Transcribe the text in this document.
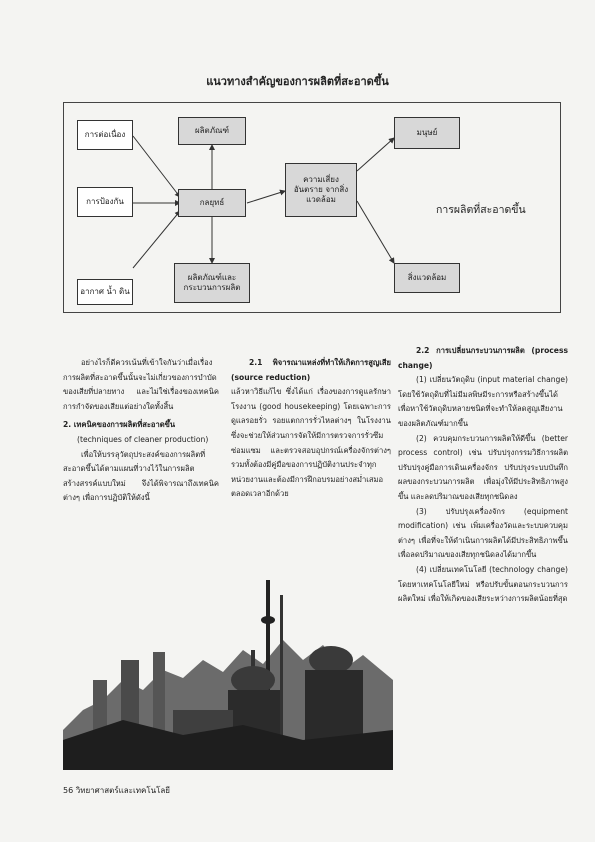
แนวทางสำคัญของการผลิตที่สะอาดขึ้น
การต่อเนื่อง
การป้องกัน
อากาศ น้ำ ดิน
ผลิตภัณฑ์
กลยุทธ์
ผลิตภัณฑ์และ กระบวนการผลิต
ความเสี่ยง อันตราย จากสิ่งแวดล้อม
มนุษย์
สิ่งแวดล้อม
การผลิตที่สะอาดขึ้น

อย่างไรก็ดีควรเน้นที่เข้าใจกันว่าเมื่อเรื่องการผลิตที่สะอาดขึ้นนั้นจะไม่เกี่ยวของการบำบัดของเสียที่ปลายทาง และไม่ใช่เรื่องของเทคนิคการกำจัดของเสียแต่อย่างใดทั้งสิ้น

2. เทคนิคของการผลิตที่สะอาดขึ้น

(techniques of cleaner production)

เพื่อให้บรรลุวัตถุประสงค์ของการผลิตที่สะอาดขึ้นได้ตามแผนที่วางไว้ในการผลิตสร้างสรรค์แบบใหม่ จึงได้พิจารณาถึงเทคนิคต่างๆ เพื่อการปฏิบัติให้ดังนี้

2.1 พิจารณาแหล่งที่ทำให้เกิดการสูญเสีย (source reduction)

แล้วหาวิธีแก้ไข ซึ่งได้แก่ เรื่องของการดูแลรักษาโรงงาน (good housekeeping) โดยเฉพาะการดูแลรอยรั่ว รอยแตกการรั่วไหลต่างๆ ในโรงงาน ซึ่งจะช่วยให้ส่วนการจัดให้มีการตรวจการรั่วซึม ซ่อมแซม และตรวจสอบอุปกรณ์เครื่องจักรต่างๆ รวมทั้งต้องมีคู่มือของการปฏิบัติงานประจำทุกหน่วยงานและต้องมีการฝึกอบรมอย่างสม่ำเสมอตลอดเวลาอีกด้วย

2.2 การเปลี่ยนกระบวนการผลิต (process change)

(1) เปลี่ยนวัตถุดิบ (input material change) โดยใช้วัตถุดิบที่ไม่มีมลพิษมีระการหรือสร้างขึ้นได้เพื่อหาใช้วัตถุดิบหลายชนิดที่จะทำให้ลดสูญเสียงานของผลิตภัณฑ์มากขึ้น

(2) ควบคุมกระบวนการผลิตให้ดีขึ้น (better process control) เช่น ปรับปรุงกรรมวิธีการผลิต ปรับปรุงคู่มือการเดินเครื่องจักร ปรับปรุงระบบบันทึกผลของกระบวนการผลิต เพื่อมุ่งให้มีประสิทธิภาพสูงขึ้น และลดปริมาณของเสียทุกชนิดลง

(3) ปรับปรุงเครื่องจักร (equipment modification) เช่น เพิ่มเครื่องวัดและระบบควบคุมต่างๆ เพื่อที่จะให้ดำเนินการผลิตได้มีประสิทธิภาพขึ้นเพื่อลดปริมาณของเสียทุกชนิดลงได้มากขึ้น

(4) เปลี่ยนเทคโนโลยี (technology change) โดยหาเทคโนโลยีใหม่ หรือปรับขั้นตอนกระบวนการผลิตใหม่ เพื่อให้เกิดของเสียระหว่างการผลิตน้อยที่สุด

56 วิทยาศาสตร์และเทคโนโลยี
